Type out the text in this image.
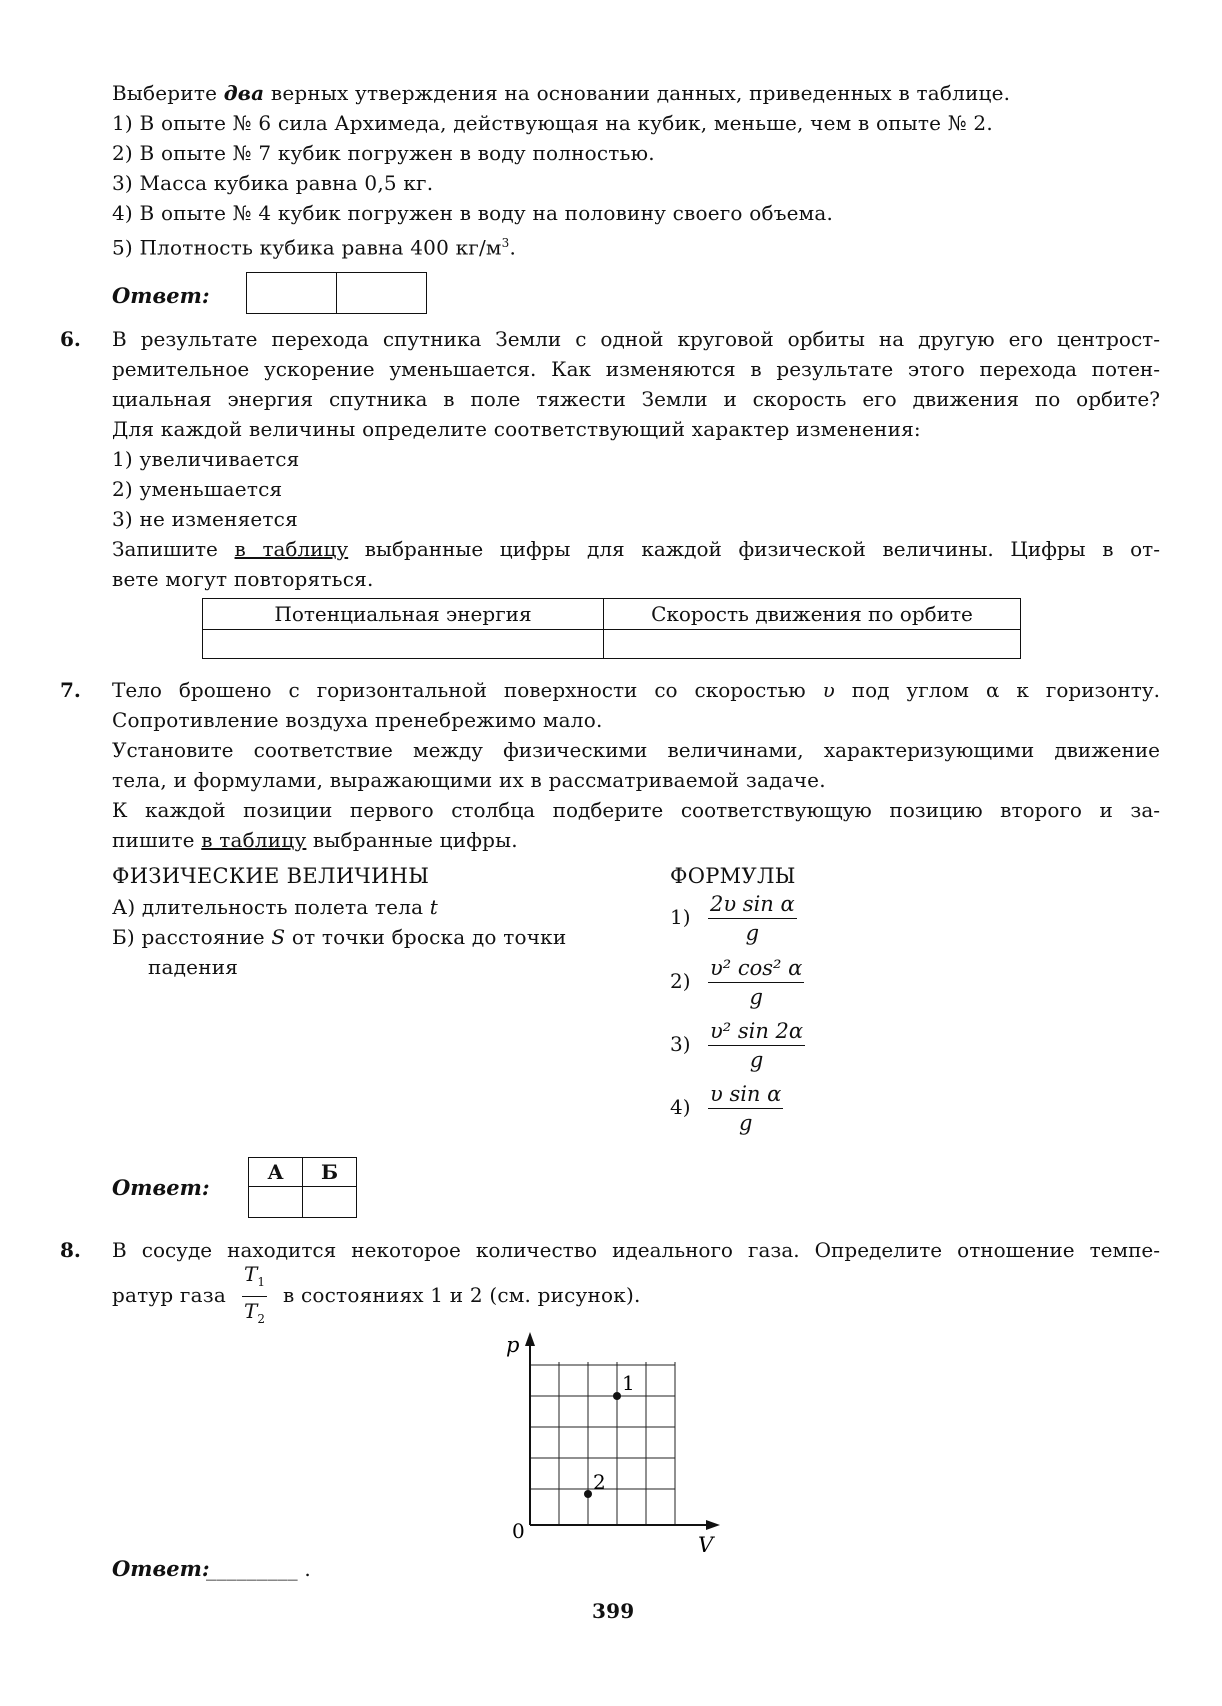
Выберите два верных утверждения на основании данных, приведенных в таблице.
1) В опыте № 6 сила Архимеда, действующая на кубик, меньше, чем в опыте № 2.
2) В опыте № 7 кубик погружен в воду полностью.
3) Масса кубика равна 0,5 кг.
4) В опыте № 4 кубик погружен в воду на половину своего объема.
5) Плотность кубика равна 400 $кг/м^3$.
Ответ:

6. В результате перехода спутника Земли с одной круговой орбиты на другую его центрост-
ремительное ускорение уменьшается. Как изменяются в результате этого перехода потен-
циальная энергия спутника в поле тяжести Земли и скорость его движения по орбите?
Для каждой величины определите соответствующий характер изменения:
1) увеличивается
2) уменьшается
3) не изменяется
Запишите в таблицу выбранные цифры для каждой физической величины. Цифры в от-
вете могут повторяться.
Потенциальная энергия	Скорость движения по орбите

7. Тело брошено с горизонтальной поверхности со скоростью υ под углом α к горизонту.
Сопротивление воздуха пренебрежимо мало.
Установите соответствие между физическими величинами, характеризующими движение
тела, и формулами, выражающими их в рассматриваемой задаче.
К каждой позиции первого столбца подберите соответствующую позицию второго и за-
пишите в таблицу выбранные цифры.
ФИЗИЧЕСКИЕ ВЕЛИЧИНЫ	ФОРМУЛЫ
А) длительность полета тела t
Б) расстояние S от точки броска до точки
падения
$1) \frac{\text{2υ sin α}}{g}$
$2) \frac{\text{υ² cos² α}}{g}$
$3) \frac{\text{υ² sin 2α}}{g}$
$4) \frac{\text{υ sin α}}{g}$
Ответ:
А	Б

8. В сосуде находится некоторое количество идеального газа. Определите отношение темпе-
ратур газа $\frac{T_1}{T_2}$ в состояниях 1 и 2 (см. рисунок).
p
V
0
1
2
Ответ:
_________ .
399
